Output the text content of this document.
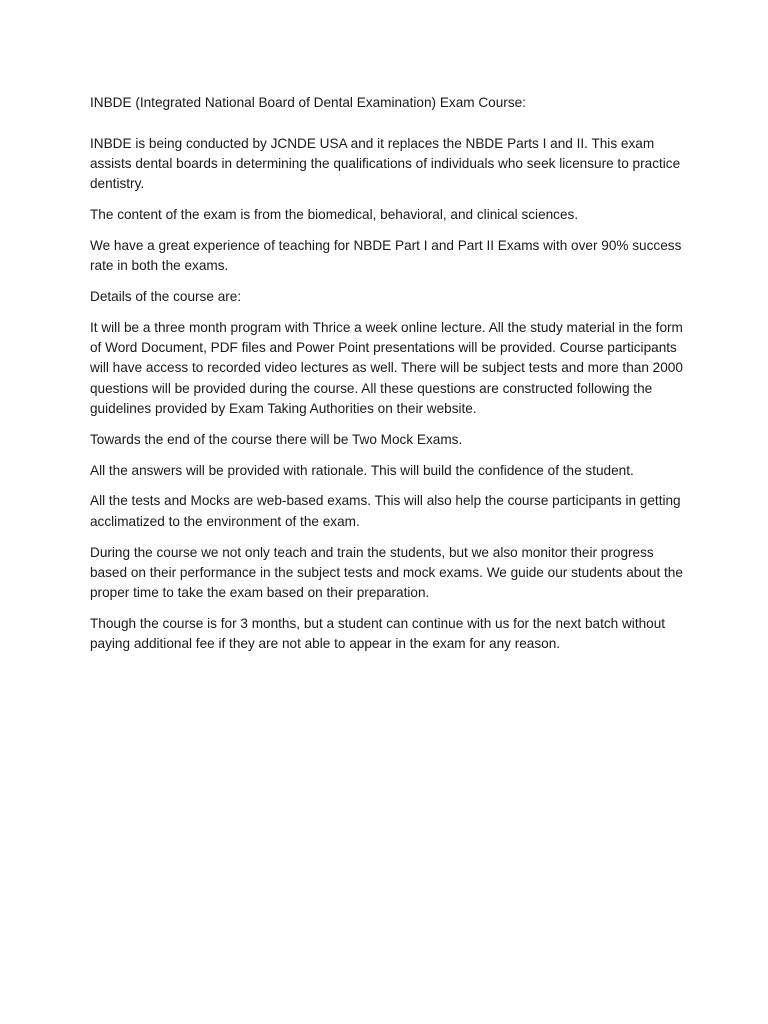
INBDE (Integrated National Board of Dental Examination) Exam Course:

INBDE is being conducted by JCNDE USA and it replaces the NBDE Parts I and II. This exam assists dental boards in determining the qualifications of individuals who seek licensure to practice dentistry.

The content of the exam is from the biomedical, behavioral, and clinical sciences.

We have a great experience of teaching for NBDE Part I and Part II Exams with over 90% success rate in both the exams.

Details of the course are:

It will be a three month program with Thrice a week online lecture. All the study material in the form of Word Document, PDF files and Power Point presentations will be provided. Course participants will have access to recorded video lectures as well. There will be subject tests and more than 2000 questions will be provided during the course. All these questions are constructed following the guidelines provided by Exam Taking Authorities on their website.

Towards the end of the course there will be Two Mock Exams.

All the answers will be provided with rationale. This will build the confidence of the student.

All the tests and Mocks are web-based exams. This will also help the course participants in getting acclimatized to the environment of the exam.

During the course we not only teach and train the students, but we also monitor their progress based on their performance in the subject tests and mock exams. We guide our students about the proper time to take the exam based on their preparation.

Though the course is for 3 months, but a student can continue with us for the next batch without paying additional fee if they are not able to appear in the exam for any reason.
